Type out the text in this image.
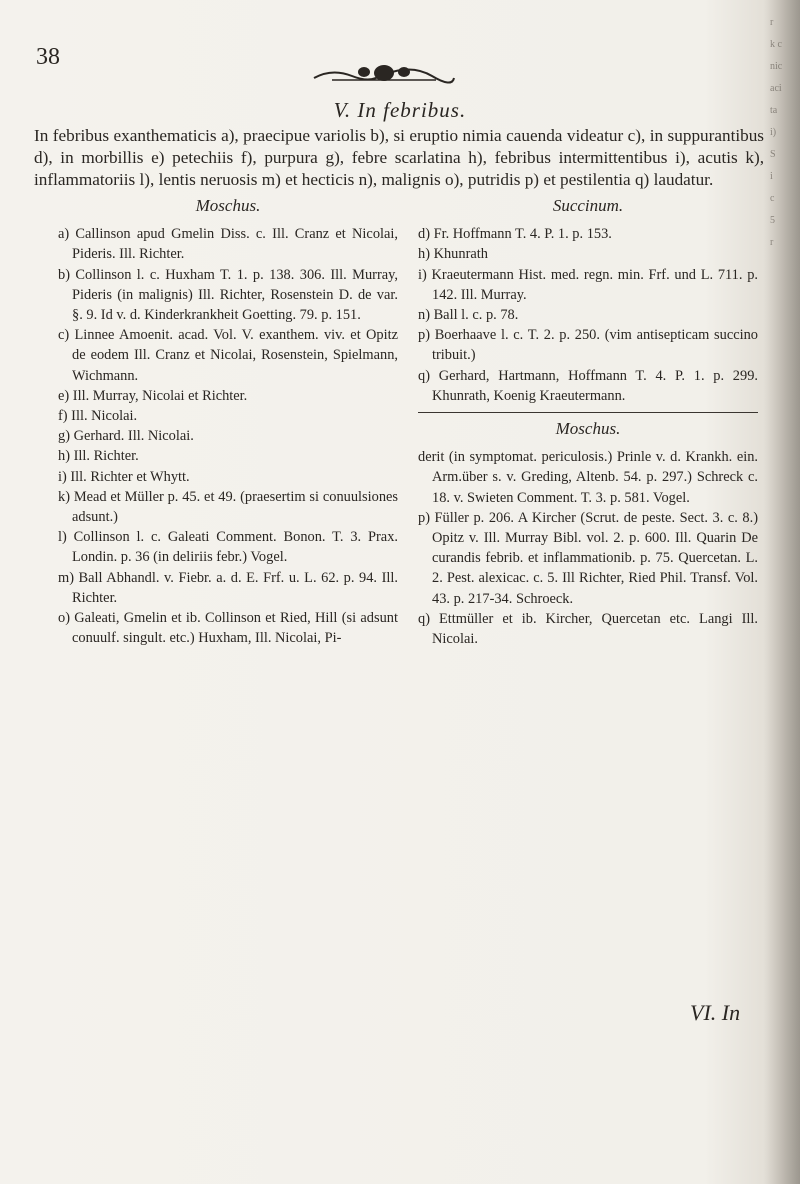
r
k c
nic
aci
ta
i)
S
i
c
5
r
38
V. In febribus.
In febribus exanthematicis a), praecipue variolis b), si eruptio nimia cauenda videatur c), in suppurantibus d), in morbillis e) petechiis f), purpura g), febre scarlatina h), febribus intermittentibus i), acutis k), inflammatoriis l), lentis neruosis m) et hecticis n), malignis o), putridis p) et pestilentia q) laudatur.
Moschus.

a) Callinson apud Gmelin Diss. c. Ill. Cranz et Nicolai, Pideris. Ill. Richter.

b) Collinson l. c. Huxham T. 1. p. 138. 306. Ill. Murray, Pideris (in malignis) Ill. Richter, Rosenstein D. de var. §. 9. Id v. d. Kinderkrankheit Goetting. 79. p. 151.

c) Linnee Amoenit. acad. Vol. V. exanthem. viv. et Opitz de eodem Ill. Cranz et Nicolai, Rosenstein, Spielmann, Wichmann.

e) Ill. Murray, Nicolai et Richter.

f) Ill. Nicolai.

g) Gerhard. Ill. Nicolai.

h) Ill. Richter.

i) Ill. Richter et Whytt.

k) Mead et Müller p. 45. et 49. (praesertim si conuulsiones adsunt.)

l) Collinson l. c. Galeati Comment. Bonon. T. 3. Prax. Londin. p. 36 (in deliriis febr.) Vogel.

m) Ball Abhandl. v. Fiebr. a. d. E. Frf. u. L. 62. p. 94. Ill. Richter.

o) Galeati, Gmelin et ib. Collinson et Ried, Hill (si adsunt conuulf. singult. etc.) Huxham, Ill. Nicolai, Pi-

Succinum.

d) Fr. Hoffmann T. 4. P. 1. p. 153.

h) Khunrath

i) Kraeutermann Hist. med. regn. min. Frf. und L. 711. p. 142. Ill. Murray.

n) Ball l. c. p. 78.

p) Boerhaave l. c. T. 2. p. 250. (vim antisepticam succino tribuit.)

q) Gerhard, Hartmann, Hoffmann T. 4. P. 1. p. 299. Khunrath, Koenig Kraeutermann.

Moschus.

derit (in symptomat. periculosis.) Prinle v. d. Krankh. ein. Arm.über s. v. Greding, Altenb. 54. p. 297.) Schreck c. 18. v. Swieten Comment. T. 3. p. 581. Vogel.

p) Füller p. 206. A Kircher (Scrut. de peste. Sect. 3. c. 8.) Opitz v. Ill. Murray Bibl. vol. 2. p. 600. Ill. Quarin De curandis febrib. et inflammationib. p. 75. Quercetan. L. 2. Pest. alexicac. c. 5. Ill Richter, Ried Phil. Transf. Vol. 43. p. 217-34. Schroeck.

q) Ettmüller et ib. Kircher, Quercetan etc. Langi Ill. Nicolai.

VI. In
